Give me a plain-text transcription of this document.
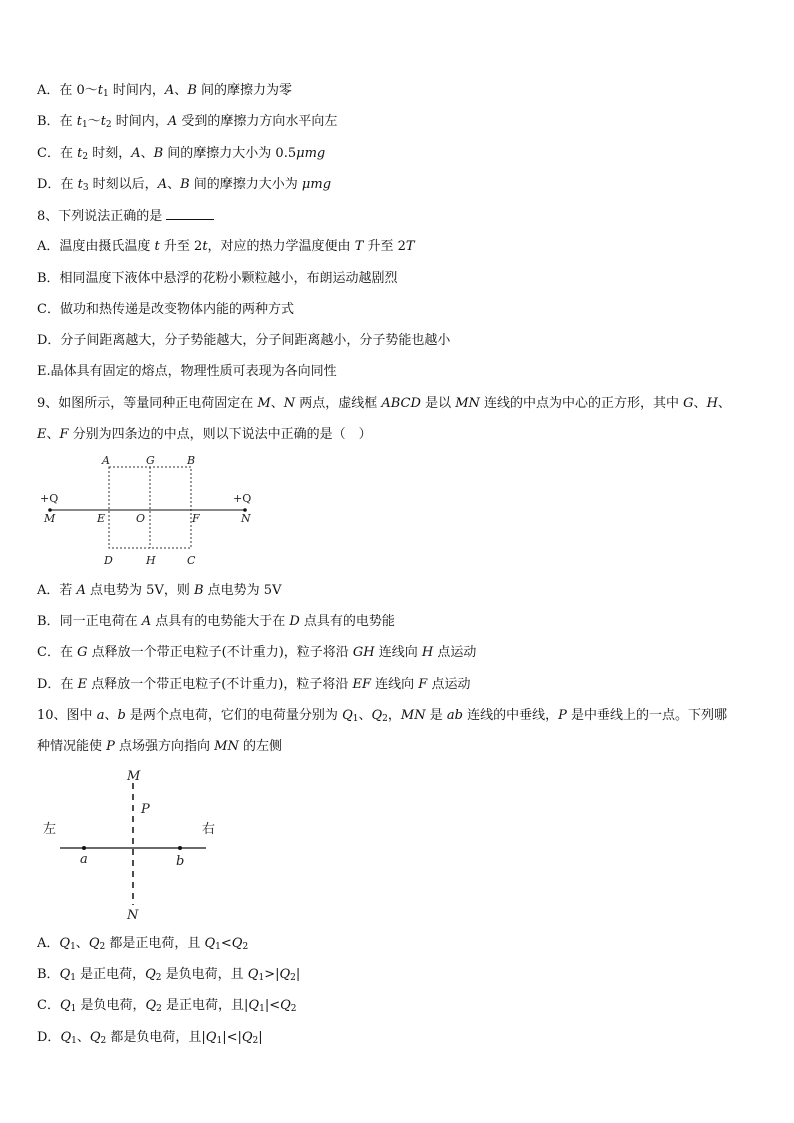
A．在 $0\sim t_1$ 时间内，A、B 间的摩擦力为零
B．在 $t_1\sim t_2$ 时间内，A 受到的摩擦力方向水平向左
C．在 $t_2$ 时刻，A、B 间的摩擦力大小为 0.5μmg
D．在 $t_3$ 时刻以后，A、B 间的摩擦力大小为 μmg
8、下列说法正确的是
A．温度由摄氏温度 t 升至 2t，对应的热力学温度便由 T 升至 2T
B．相同温度下液体中悬浮的花粉小颗粒越小，布朗运动越剧烈
C．做功和热传递是改变物体内能的两种方式
D．分子间距离越大，分子势能越大，分子间距离越小，分子势能也越小
E.晶体具有固定的熔点，物理性质可表现为各向同性
9、如图所示，等量同种正电荷固定在 M、N 两点，虚线框 ABCD 是以 MN 连线的中点为中心的正方形，其中 G、H、
E、F 分别为四条边的中点，则以下说法中正确的是（　）
A	G	B
M	E	O	F	N
D	H	C
+Q	+Q
A．若 A 点电势为 5V，则 B 点电势为 5V
B．同一正电荷在 A 点具有的电势能大于在 D 点具有的电势能
C．在 G 点释放一个带正电粒子(不计重力)，粒子将沿 GH 连线向 H 点运动
D．在 E 点释放一个带正电粒子(不计重力)，粒子将沿 EF 连线向 F 点运动
10、图中 a、b 是两个点电荷，它们的电荷量分别为 $Q_1$、$Q_2$，MN 是 ab 连线的中垂线，P 是中垂线上的一点。下列哪
种情况能使 P 点场强方向指向 MN 的左侧
M
P
a	b
N
左	右
A．$Q_1$、$Q_2$ 都是正电荷，且 $Q_1<Q_2$
B．$Q_1$ 是正电荷，$Q_2$ 是负电荷，且 $Q_1>|Q_2|$
C．$Q_1$ 是负电荷，$Q_2$ 是正电荷，且$|Q_1|<Q_2$
D．$Q_1$、$Q_2$ 都是负电荷，且$|Q_1|<|Q_2|$
